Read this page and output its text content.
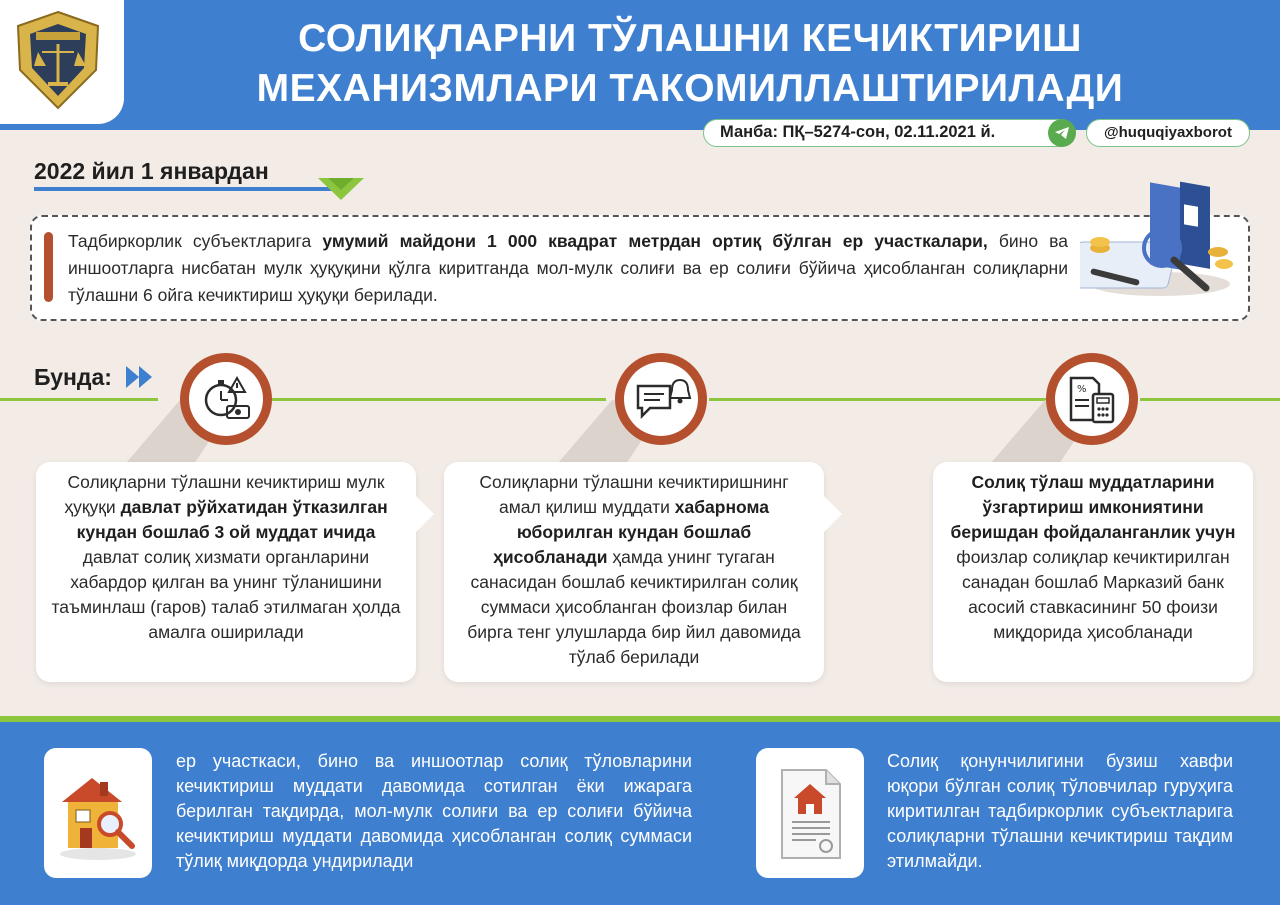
СОЛИҚЛАРНИ ТЎЛАШНИ КЕЧИКТИРИШ
МЕХАНИЗМЛАРИ ТАКОМИЛЛАШТИРИЛАДИ
Манба: ПҚ–5274-сон, 02.11.2021 й.	@huquqiyaxborot
2022 йил 1 январдан
Тадбиркорлик субъектларига умумий майдони 1 000 квадрат метрдан ортиқ бўлган ер участкалари, бино ва иншоотларга нисбатан мулк ҳуқуқини қўлга киритганда мол-мулк солиғи ва ер солиғи бўйича ҳисобланган солиқларни тўлашни 6 ойга кечиктириш ҳуқуқи берилади.
Бунда:	%
Солиқларни тўлашни кечиктириш мулк ҳуқуқи давлат рўйхатидан ўтказилган кундан бошлаб 3 ой муддат ичида давлат солиқ хизмати органларини хабардор қилган ва унинг тўланишини таъминлаш (гаров) талаб этилмаган ҳолда амалга оширилади
Солиқларни тўлашни кечиктиришнинг амал қилиш муддати хабарнома юборилган кундан бошлаб ҳисобланади ҳамда унинг тугаган санасидан бошлаб кечиктирилган солиқ суммаси ҳисобланган фоизлар билан бирга тенг улушларда бир йил давомида тўлаб берилади
Солиқ тўлаш муддатларини ўзгартириш имкониятини беришдан фойдаланганлик учун фоизлар солиқлар кечиктирилган санадан бошлаб Марказий банк асосий ставкасининг 50 фоизи миқдорида ҳисобланади
ер участкаси, бино ва иншоотлар солиқ тўловларини кечиктириш муддати давомида сотилган ёки ижарага берилган тақдирда, мол-мулк солиғи ва ер солиғи бўйича кечиктириш муддати давомида ҳисобланган солиқ суммаси тўлиқ миқдорда ундирилади
Солиқ қонунчилигини бузиш хавфи юқори бўлган солиқ тўловчилар гуруҳига киритилган тадбиркорлик субъектларига солиқларни тўлашни кечиктириш тақдим этилмайди.
